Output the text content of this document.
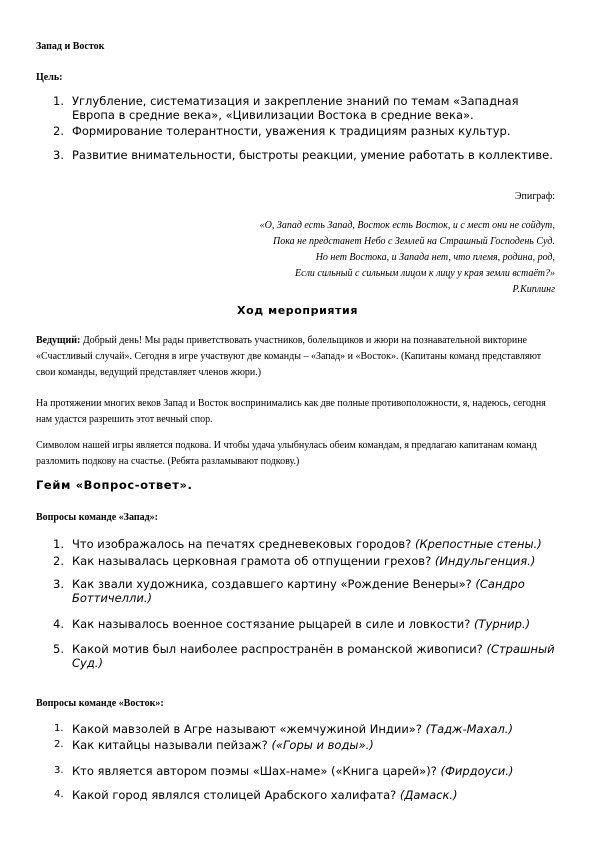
Запад и Восток
Цель:
1. Углубление, систематизация и закрепление знаний по темам «Западная Европа в средние века», «Цивилизации Востока в средние века».
2. Формирование толерантности, уважения к традициям разных культур.
3. Развитие внимательности, быстроты реакции, умение работать в коллективе.
Эпиграф:
«О, Запад есть Запад, Восток есть Восток, и с мест они не сойдут,
Пока не предстанет Небо с Землей на Страшный Господень Суд.
Но нет Востока, и Запада нет, что племя, родина, род,
Если сильный с сильным лицом к лицу у края земли встаёт?»
Р.Киплинг
Ход мероприятия
Ведущий: Добрый день! Мы рады приветствовать участников, болельщиков и жюри на познавательной викторине «Счастливый случай». Сегодня в игре участвуют две команды – «Запад» и «Восток». (Капитаны команд представляют свои команды, ведущий представляет членов жюри.)
На протяжении многих веков Запад и Восток воспринимались как две полные противоположности, я, надеюсь, сегодня нам удастся разрешить этот вечный спор.
Символом нашей игры является подкова. И чтобы удача улыбнулась обеим командам, я предлагаю капитанам команд разломить подкову на счастье. (Ребята разламывают подкову.)
Гейм «Вопрос-ответ».
Вопросы команде «Запад»:
1. Что изображалось на печатях средневековых городов? (Крепостные стены.)
2. Как называлась церковная грамота об отпущении грехов? (Индульгенция.)
3. Как звали художника, создавшего картину «Рождение Венеры»? (Сандро Боттичелли.)
4. Как называлось военное состязание рыцарей в силе и ловкости? (Турнир.)
5. Какой мотив был наиболее распространён в романской живописи? (Страшный Суд.)
Вопросы команде «Восток»:
1. Какой мавзолей в Агре называют «жемчужиной Индии»? (Тадж-Махал.)
2. Как китайцы называли пейзаж? («Горы и воды».)
3. Кто является автором поэмы «Шах-наме» («Книга царей»)? (Фирдоуси.)
4. Какой город являлся столицей Арабского халифата? (Дамаск.)
